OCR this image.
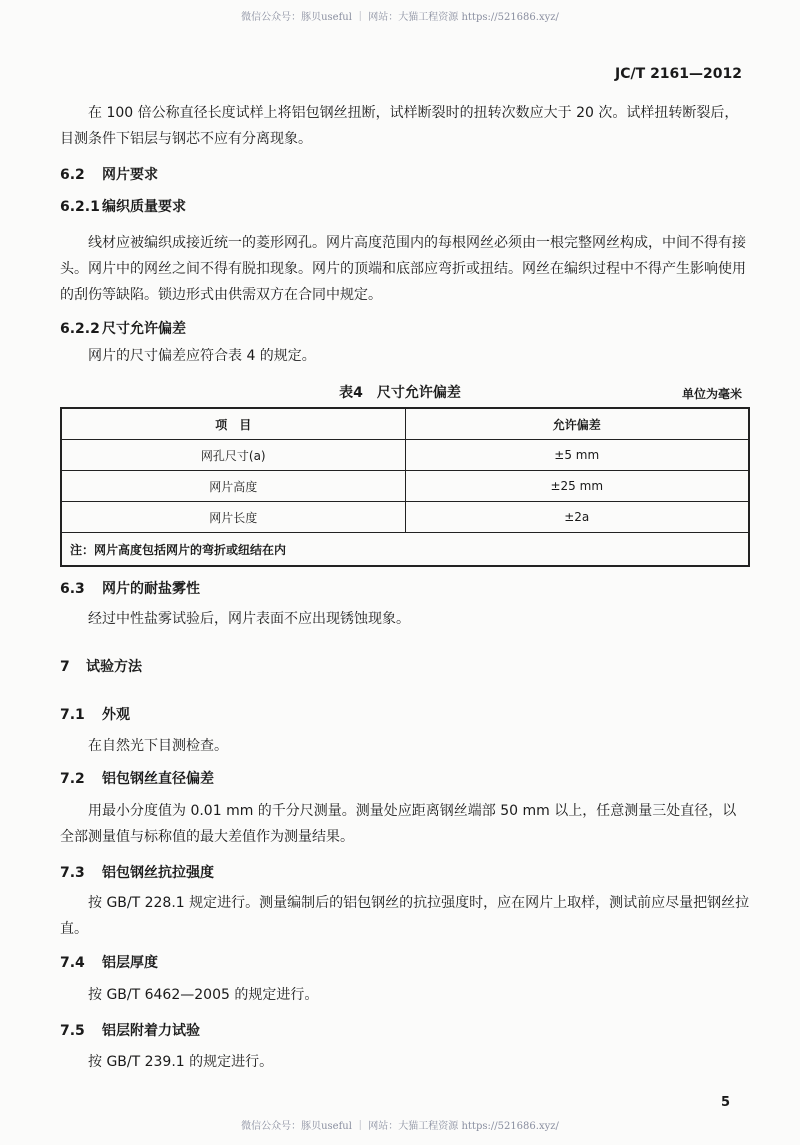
微信公众号：豚贝useful ｜ 网站：大猫工程资源 https://521686.xyz/
JC/T 2161—2012
在 100 倍公称直径长度试样上将铝包钢丝扭断，试样断裂时的扭转次数应大于 20 次。试样扭转断裂后，目测条件下铝层与钢芯不应有分离现象。
6.2 网片要求
6.2.1 编织质量要求
线材应被编织成接近统一的菱形网孔。网片高度范围内的每根网丝必须由一根完整网丝构成，中间不得有接头。网片中的网丝之间不得有脱扣现象。网片的顶端和底部应弯折或扭结。网丝在编织过程中不得产生影响使用的刮伤等缺陷。锁边形式由供需双方在合同中规定。
6.2.2 尺寸允许偏差
网片的尺寸偏差应符合表 4 的规定。
表4　尺寸允许偏差	单位为毫米
项　目	允许偏差
网孔尺寸(a)	±5 mm
网片高度	±25 mm
网片长度	±2a
注：网片高度包括网片的弯折或纽结在内	
6.3 网片的耐盐雾性
经过中性盐雾试验后，网片表面不应出现锈蚀现象。
7 试验方法
7.1 外观
在自然光下目测检查。
7.2 铝包钢丝直径偏差
用最小分度值为 0.01 mm 的千分尺测量。测量处应距离钢丝端部 50 mm 以上，任意测量三处直径，以全部测量值与标称值的最大差值作为测量结果。
7.3 铝包钢丝抗拉强度
按 GB/T 228.1 规定进行。测量编制后的铝包钢丝的抗拉强度时，应在网片上取样，测试前应尽量把钢丝拉直。
7.4 铝层厚度
按 GB/T 6462—2005 的规定进行。
7.5 铝层附着力试验
按 GB/T 239.1 的规定进行。
5
微信公众号：豚贝useful ｜ 网站：大猫工程资源 https://521686.xyz/
